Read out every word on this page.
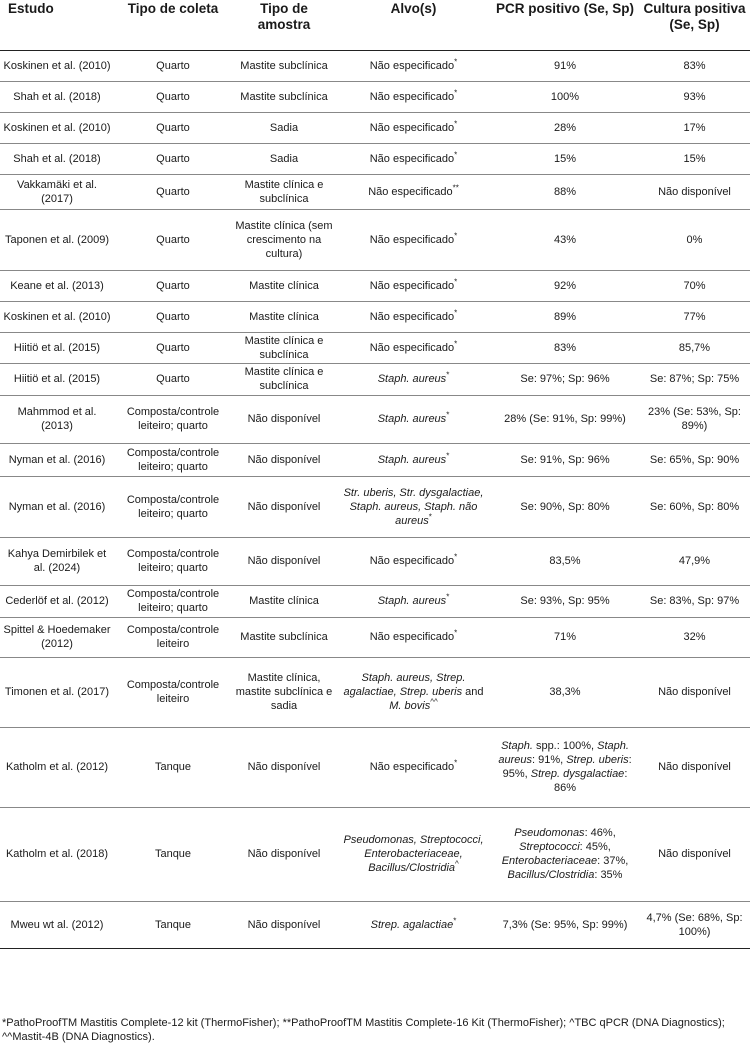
Estudo	Tipo de coleta	Tipo de amostra	Alvo(s)	PCR positivo (Se, Sp)	Cultura positiva (Se, Sp)
Koskinen et al. (2010)	Quarto	Mastite subclínica	Não especificado*	91%	83%
Shah et al. (2018)	Quarto	Mastite subclínica	Não especificado*	100%	93%
Koskinen et al. (2010)	Quarto	Sadia	Não especificado*	28%	17%
Shah et al. (2018)	Quarto	Sadia	Não especificado*	15%	15%
Vakkamäki et al. (2017)	Quarto	Mastite clínica e subclínica	Não especificado**	88%	Não disponível
Taponen et al. (2009)	Quarto	Mastite clínica (sem crescimento na cultura)	Não especificado*	43%	0%
Keane et al. (2013)	Quarto	Mastite clínica	Não especificado*	92%	70%
Koskinen et al. (2010)	Quarto	Mastite clínica	Não especificado*	89%	77%
Hiitiö et al. (2015)	Quarto	Mastite clínica e subclínica	Não especificado*	83%	85,7%
Hiitiö et al. (2015)	Quarto	Mastite clínica e subclínica	Staph. aureus*	Se: 97%; Sp: 96%	Se: 87%; Sp: 75%
Mahmmod et al. (2013)	Composta/controle leiteiro; quarto	Não disponível	Staph. aureus*	28% (Se: 91%, Sp: 99%)	23% (Se: 53%, Sp: 89%)
Nyman et al. (2016)	Composta/controle leiteiro; quarto	Não disponível	Staph. aureus*	Se: 91%, Sp: 96%	Se: 65%, Sp: 90%
Nyman et al. (2016)	Composta/controle leiteiro; quarto	Não disponível	Str. uberis, Str. dysgalactiae, Staph. aureus, Staph. não aureus*	Se: 90%, Sp: 80%	Se: 60%, Sp: 80%
Kahya Demirbilek et al. (2024)	Composta/controle leiteiro; quarto	Não disponível	Não especificado*	83,5%	47,9%
Cederlöf et al. (2012)	Composta/controle leiteiro; quarto	Mastite clínica	Staph. aureus*	Se: 93%, Sp: 95%	Se: 83%, Sp: 97%
Spittel & Hoedemaker (2012)	Composta/controle leiteiro	Mastite subclínica	Não especificado*	71%	32%
Timonen et al. (2017)	Composta/controle leiteiro	Mastite clínica, mastite subclínica e sadia	Staph. aureus, Strep. agalactiae, Strep. uberis and M. bovis^^	38,3%	Não disponível
Katholm et al. (2012)	Tanque	Não disponível	Não especificado*	Staph. spp.: 100%, Staph. aureus: 91%, Strep. uberis: 95%, Strep. dysgalactiae: 86%	Não disponível
Katholm et al. (2018)	Tanque	Não disponível	Pseudomonas, Streptococci, Enterobacteriaceae, Bacillus/Clostridia^	Pseudomonas: 46%, Streptococci: 45%, Enterobacteriaceae: 37%, Bacillus/Clostridia: 35%	Não disponível
Mweu wt al. (2012)	Tanque	Não disponível	Strep. agalactiae*	7,3% (Se: 95%, Sp: 99%)	4,7% (Se: 68%, Sp: 100%)
*PathoProofTM Mastitis Complete-12 kit (ThermoFisher); **PathoProofTM Mastitis Complete-16 Kit (ThermoFisher); ^TBC qPCR (DNA Diagnostics); ^^Mastit-4B (DNA Diagnostics).
